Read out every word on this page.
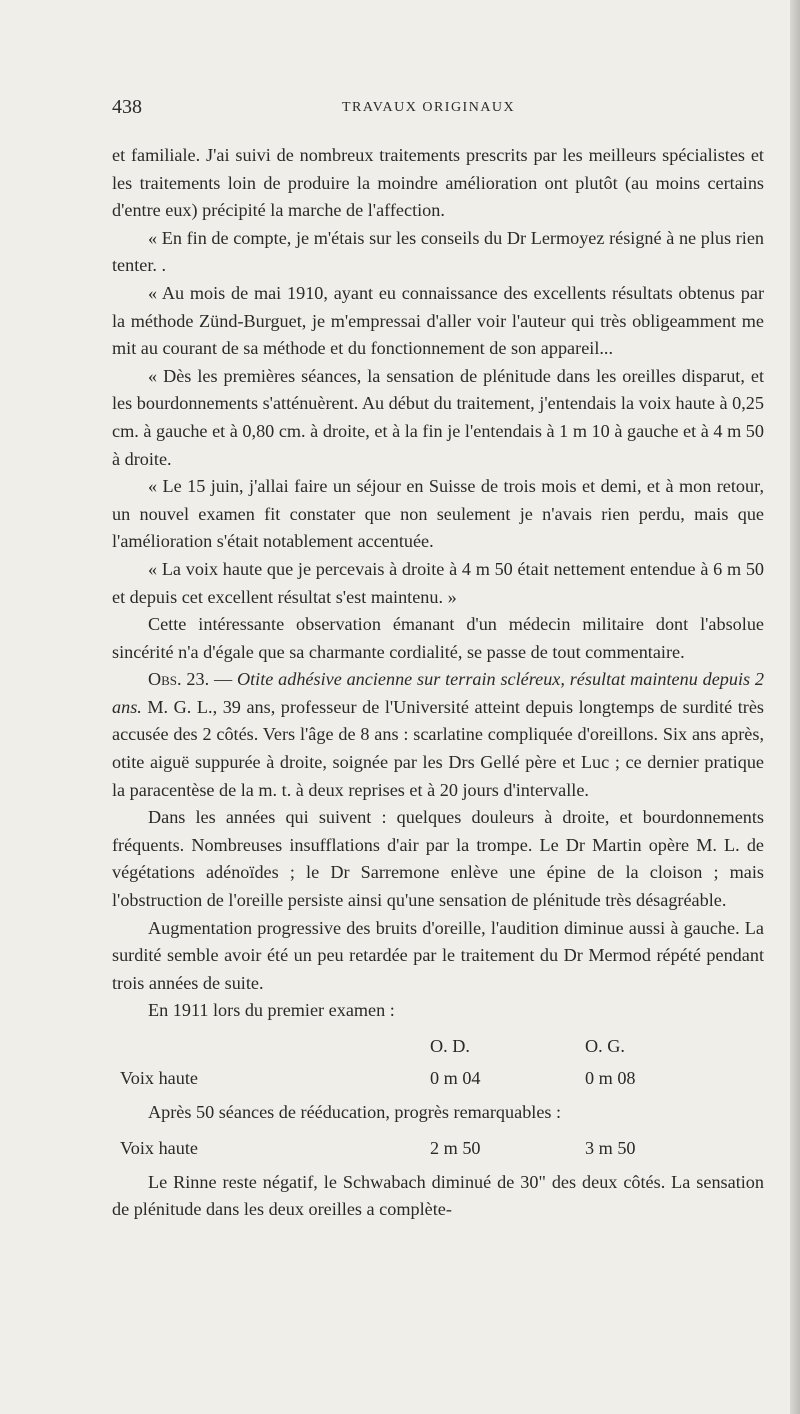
438	TRAVAUX ORIGINAUX

et familiale. J'ai suivi de nombreux traitements prescrits par les meilleurs spécialistes et les traitements loin de produire la moindre amélioration ont plutôt (au moins certains d'entre eux) précipité la marche de l'affection.

« En fin de compte, je m'étais sur les conseils du Dr Lermoyez résigné à ne plus rien tenter. .

« Au mois de mai 1910, ayant eu connaissance des excellents résultats obtenus par la méthode Zünd-Burguet, je m'empressai d'aller voir l'auteur qui très obligeamment me mit au courant de sa méthode et du fonctionnement de son appareil...

« Dès les premières séances, la sensation de plénitude dans les oreilles disparut, et les bourdonnements s'atténuèrent. Au début du traitement, j'entendais la voix haute à 0,25 cm. à gauche et à 0,80 cm. à droite, et à la fin je l'entendais à 1 m 10 à gauche et à 4 m 50 à droite.

« Le 15 juin, j'allai faire un séjour en Suisse de trois mois et demi, et à mon retour, un nouvel examen fit constater que non seulement je n'avais rien perdu, mais que l'amélioration s'était notablement accentuée.

« La voix haute que je percevais à droite à 4 m 50 était nettement entendue à 6 m 50 et depuis cet excellent résultat s'est maintenu. »

Cette intéressante observation émanant d'un médecin militaire dont l'absolue sincérité n'a d'égale que sa charmante cordialité, se passe de tout commentaire.

Obs. 23. — Otite adhésive ancienne sur terrain scléreux, résultat maintenu depuis 2 ans. M. G. L., 39 ans, professeur de l'Université atteint depuis longtemps de surdité très accusée des 2 côtés. Vers l'âge de 8 ans : scarlatine compliquée d'oreillons. Six ans après, otite aiguë suppurée à droite, soignée par les Drs Gellé père et Luc ; ce dernier pratique la paracentèse de la m. t. à deux reprises et à 20 jours d'intervalle.

Dans les années qui suivent : quelques douleurs à droite, et bourdonnements fréquents. Nombreuses insufflations d'air par la trompe. Le Dr Martin opère M. L. de végétations adénoïdes ; le Dr Sarremone enlève une épine de la cloison ; mais l'obstruction de l'oreille persiste ainsi qu'une sensation de plénitude très désagréable.

Augmentation progressive des bruits d'oreille, l'audition diminue aussi à gauche. La surdité semble avoir été un peu retardée par le traitement du Dr Mermod répété pendant trois années de suite.

En 1911 lors du premier examen :

	O. D.	O. G.
Voix haute	0 m 04	0 m 08

Après 50 séances de rééducation, progrès remarquables :

Voix haute	2 m 50	3 m 50

Le Rinne reste négatif, le Schwabach diminué de 30" des deux côtés. La sensation de plénitude dans les deux oreilles a complète-
